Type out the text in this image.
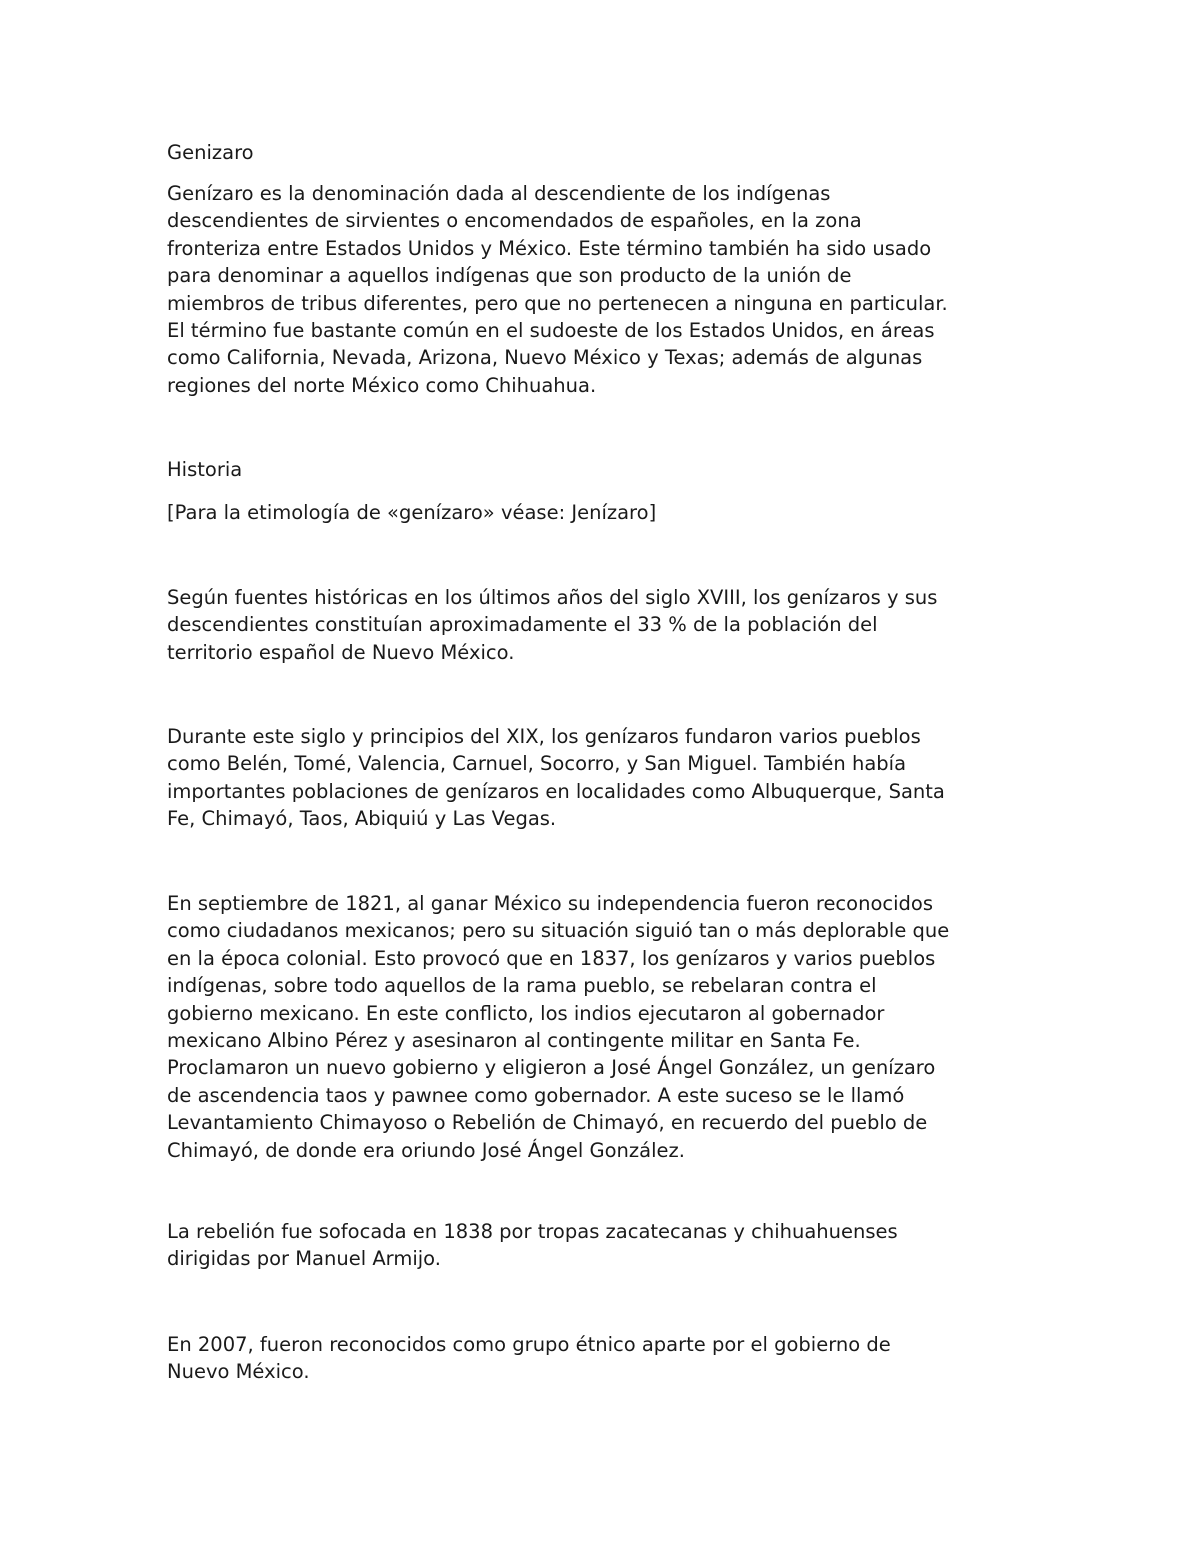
Genizaro

Genízaro es la denominación dada al descendiente de los indígenas
descendientes de sirvientes o encomendados de españoles, en la zona
fronteriza entre Estados Unidos y México. Este término también ha sido usado
para denominar a aquellos indígenas que son producto de la unión de
miembros de tribus diferentes, pero que no pertenecen a ninguna en particular.
El término fue bastante común en el sudoeste de los Estados Unidos, en áreas
como California, Nevada, Arizona, Nuevo México y Texas; además de algunas
regiones del norte México como Chihuahua.

Historia

[Para la etimología de «genízaro» véase: Jenízaro]

Según fuentes históricas en los últimos años del siglo XVIII, los genízaros y sus
descendientes constituían aproximadamente el 33 % de la población del
territorio español de Nuevo México.

Durante este siglo y principios del XIX, los genízaros fundaron varios pueblos
como Belén, Tomé, Valencia, Carnuel, Socorro, y San Miguel. También había
importantes poblaciones de genízaros en localidades como Albuquerque, Santa
Fe, Chimayó, Taos, Abiquiú y Las Vegas.

En septiembre de 1821, al ganar México su independencia fueron reconocidos
como ciudadanos mexicanos; pero su situación siguió tan o más deplorable que
en la época colonial. Esto provocó que en 1837, los genízaros y varios pueblos
indígenas, sobre todo aquellos de la rama pueblo, se rebelaran contra el
gobierno mexicano. En este conflicto, los indios ejecutaron al gobernador
mexicano Albino Pérez y asesinaron al contingente militar en Santa Fe.
Proclamaron un nuevo gobierno y eligieron a José Ángel González, un genízaro
de ascendencia taos y pawnee como gobernador. A este suceso se le llamó
Levantamiento Chimayoso o Rebelión de Chimayó, en recuerdo del pueblo de
Chimayó, de donde era oriundo José Ángel González.

La rebelión fue sofocada en 1838 por tropas zacatecanas y chihuahuenses
dirigidas por Manuel Armijo.

En 2007, fueron reconocidos como grupo étnico aparte por el gobierno de
Nuevo México.
